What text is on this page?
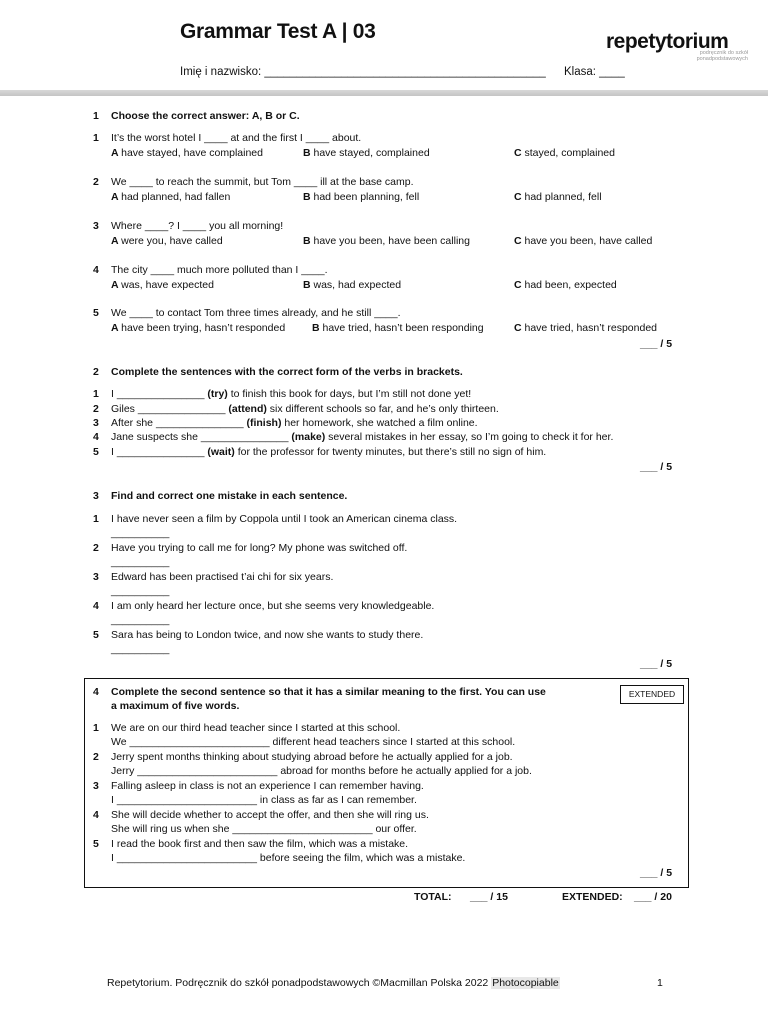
Grammar Test A | 03	repetytorium
podręcznik do szkół ponadpodstawowych
Imię i nazwisko: ____________________________________________ Klasa: ____
1 Choose the correct answer: A, B or C.
1 It’s the worst hotel I ____ at and the first I ____ about.
A have stayed, have complained	B have stayed, complained	C stayed, complained
2 We ____ to reach the summit, but Tom ____ ill at the base camp.
A had planned, had fallen	B had been planning, fell	C had planned, fell
3 Where ____? I ____ you all morning!
A were you, have called	B have you been, have been calling	C have you been, have called
4 The city ____ much more polluted than I ____.
A was, have expected	B was, had expected	C had been, expected
5 We ____ to contact Tom three times already, and he still ____.
A have been trying, hasn’t responded	B have tried, hasn’t been responding	C have tried, hasn’t responded
___ / 5
2 Complete the sentences with the correct form of the verbs in brackets.
1 I _______________ (try) to finish this book for days, but I’m still not done yet!
2 Giles _______________ (attend) six different schools so far, and he’s only thirteen.
3 After she _______________ (finish) her homework, she watched a film online.
4 Jane suspects she _______________ (make) several mistakes in her essay, so I’m going to check it for her.
5 I _______________ (wait) for the professor for twenty minutes, but there’s still no sign of him.
___ / 5
3 Find and correct one mistake in each sentence.
1 I have never seen a film by Coppola until I took an American cinema class.
__________
2 Have you trying to call me for long? My phone was switched off.
__________
3 Edward has been practised t’ai chi for six years.
__________
4 I am only heard her lecture once, but she seems very knowledgeable.
__________
5 Sara has being to London twice, and now she wants to study there.
__________
___ / 5
EXTENDED
4 Complete the second sentence so that it has a similar meaning to the first. You can use
a maximum of five words.
1 We are on our third head teacher since I started at this school.
We ________________________ different head teachers since I started at this school.
2 Jerry spent months thinking about studying abroad before he actually applied for a job.
Jerry ________________________ abroad for months before he actually applied for a job.
3 Falling asleep in class is not an experience I can remember having.
I ________________________ in class as far as I can remember.
4 She will decide whether to accept the offer, and then she will ring us.
She will ring us when she ________________________ our offer.
5 I read the book first and then saw the film, which was a mistake.
I ________________________ before seeing the film, which was a mistake.
___ / 5
TOTAL: ___ / 15	EXTENDED: ___ / 20
Repetytorium. Podręcznik do szkół ponadpodstawowych ©Macmillan Polska 2022 Photocopiable	1
